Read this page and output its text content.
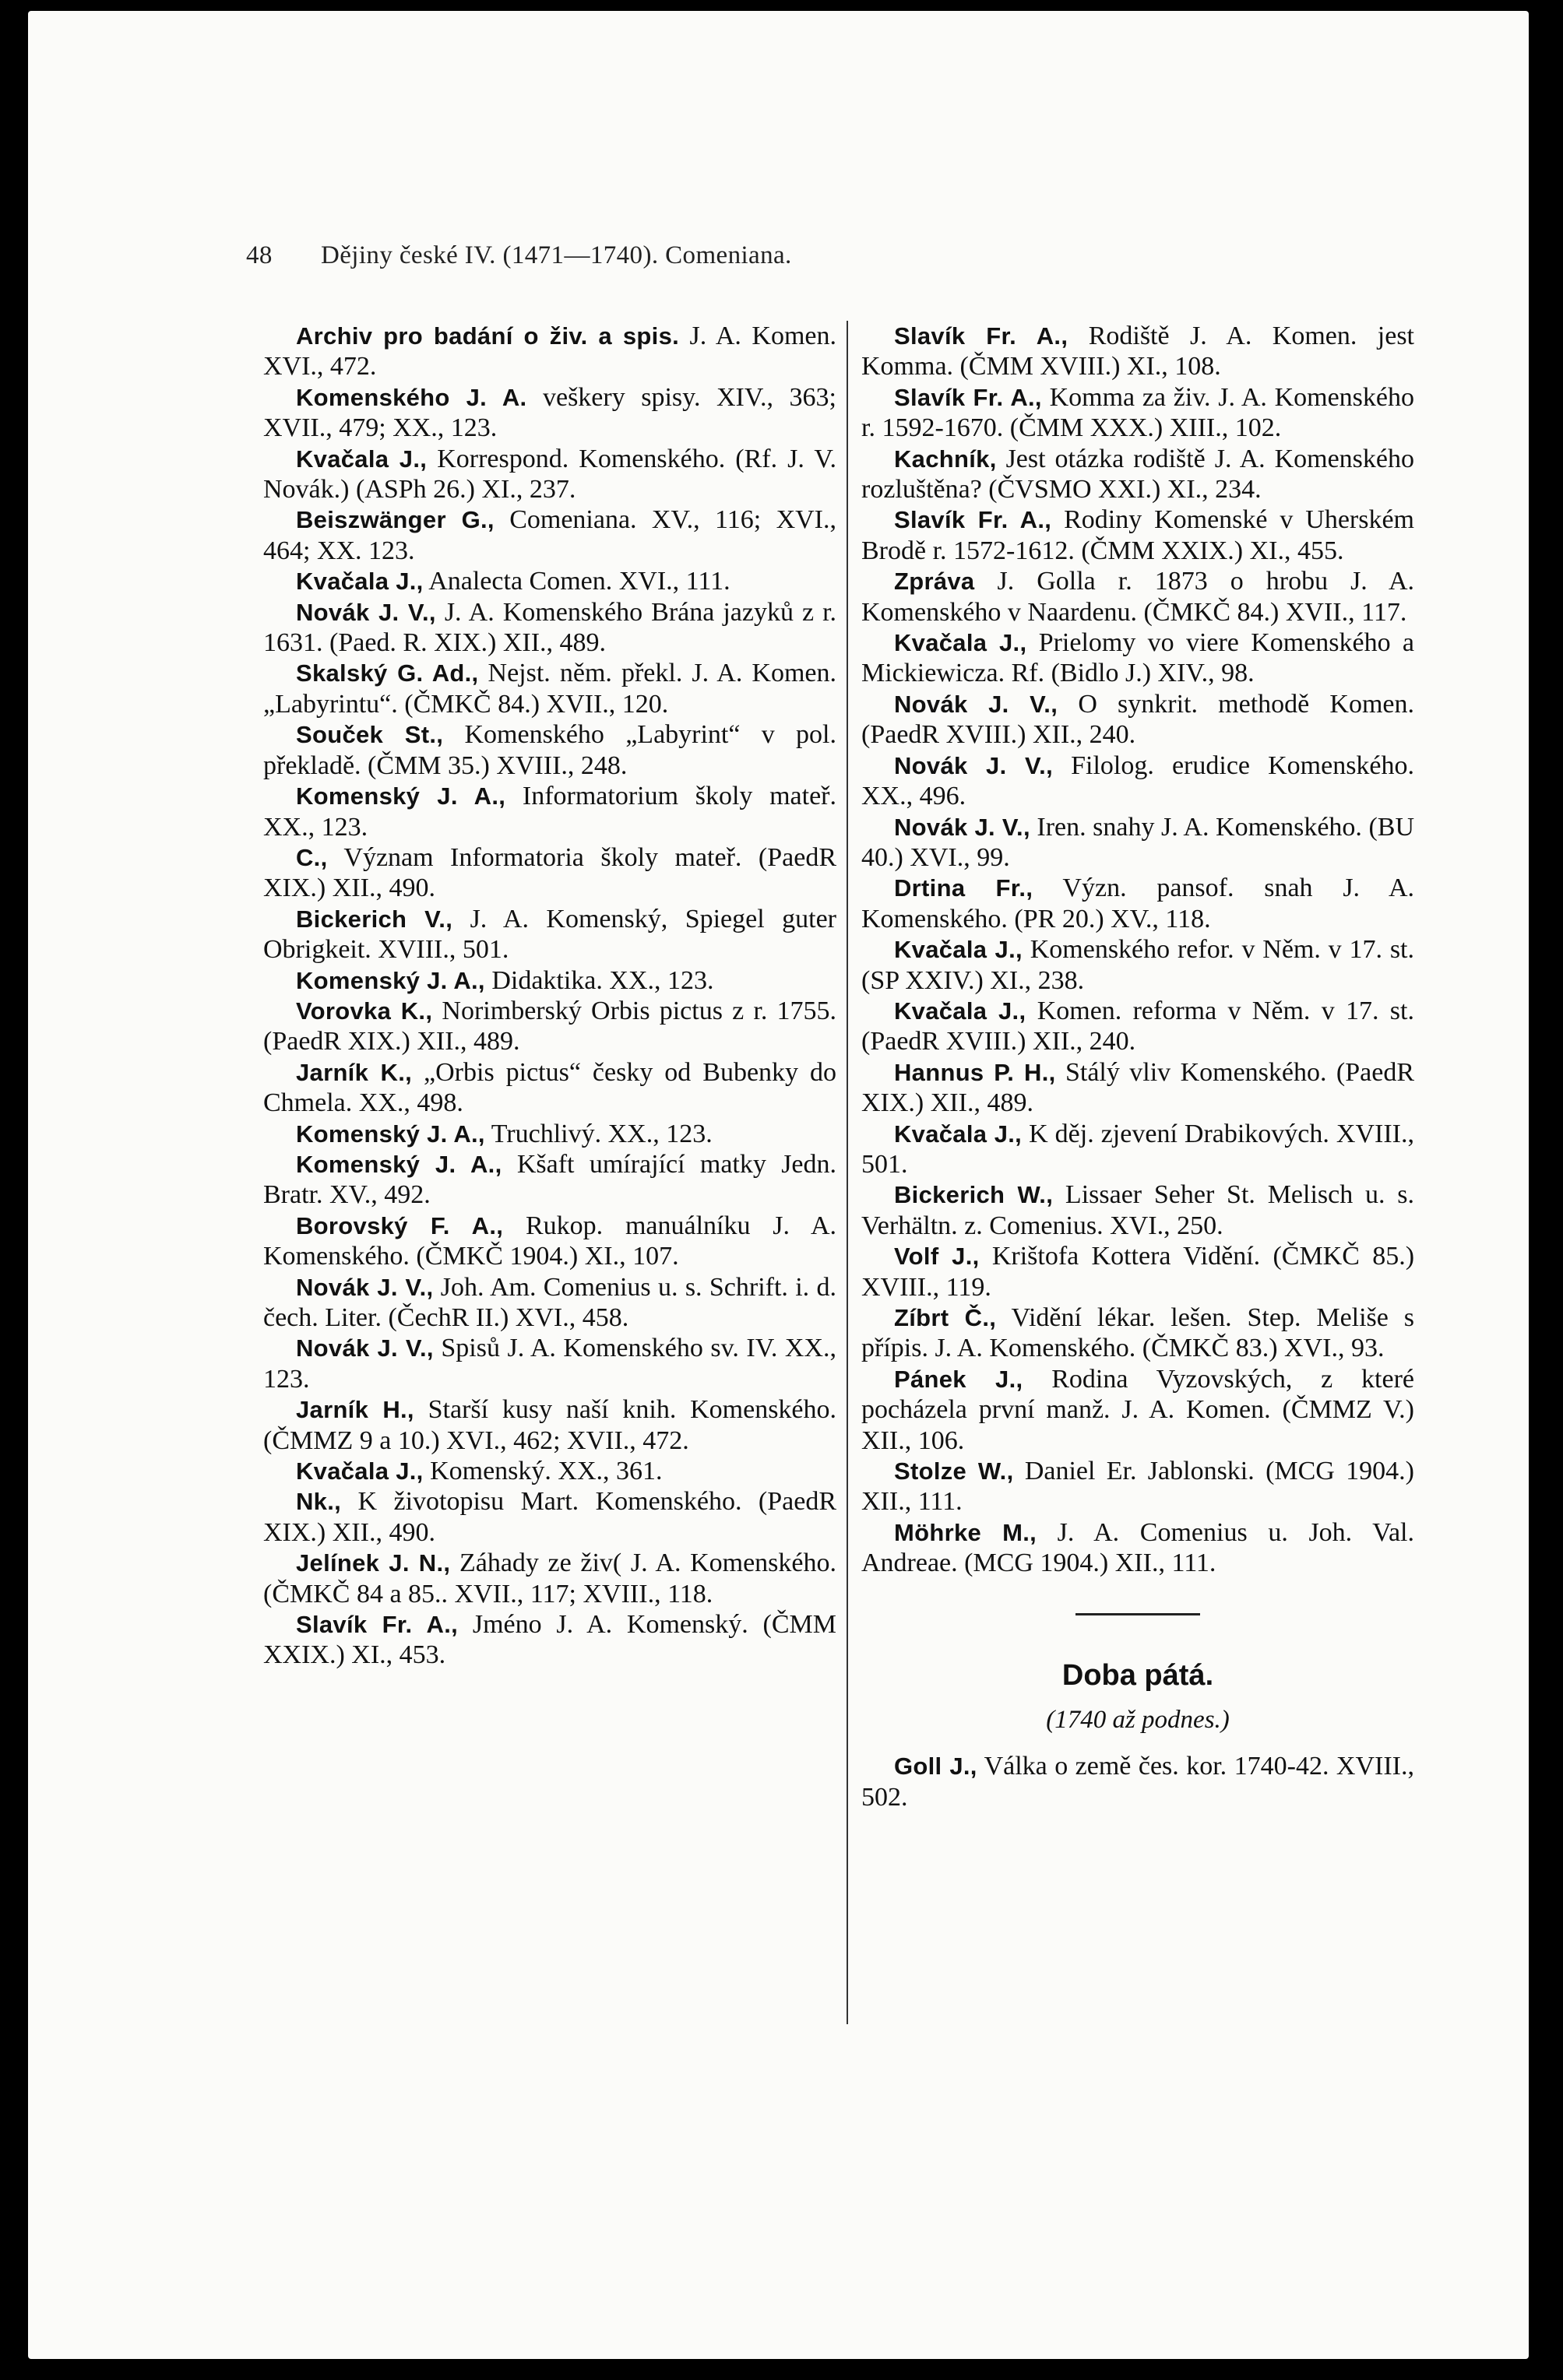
48 Dějiny české IV. (1471—1740). Comeniana.

Archiv pro badání o živ. a spis. J. A. Komen. XVI., 472.

Komenského J. A. veškery spisy. XIV., 363; XVII., 479; XX., 123.

Kvačala J., Korrespond. Komenského. (Rf. J. V. Novák.) (ASPh 26.) XI., 237.

Beiszwänger G., Comeniana. XV., 116; XVI., 464; XX. 123.

Kvačala J., Analecta Comen. XVI., 111.

Novák J. V., J. A. Komenského Brána jazyků z r. 1631. (Paed. R. XIX.) XII., 489.

Skalský G. Ad., Nejst. něm. překl. J. A. Komen. „Labyrintu“. (ČMKČ 84.) XVII., 120.

Souček St., Komenského „Labyrint“ v pol. překladě. (ČMM 35.) XVIII., 248.

Komenský J. A., Informatorium školy mateř. XX., 123.

C., Význam Informatoria školy mateř. (PaedR XIX.) XII., 490.

Bickerich V., J. A. Komenský, Spiegel guter Obrigkeit. XVIII., 501.

Komenský J. A., Didaktika. XX., 123.

Vorovka K., Norimberský Orbis pictus z r. 1755. (PaedR XIX.) XII., 489.

Jarník K., „Orbis pictus“ česky od Bubenky do Chmela. XX., 498.

Komenský J. A., Truchlivý. XX., 123.

Komenský J. A., Kšaft umírající matky Jedn. Bratr. XV., 492.

Borovský F. A., Rukop. manuálníku J. A. Komenského. (ČMKČ 1904.) XI., 107.

Novák J. V., Joh. Am. Comenius u. s. Schrift. i. d. čech. Liter. (ČechR II.) XVI., 458.

Novák J. V., Spisů J. A. Komenského sv. IV. XX., 123.

Jarník H., Starší kusy naší knih. Komenského. (ČMMZ 9 a 10.) XVI., 462; XVII., 472.

Kvačala J., Komenský. XX., 361.

Nk., K životopisu Mart. Komenského. (PaedR XIX.) XII., 490.

Jelínek J. N., Záhady ze živ( J. A. Komenského. (ČMKČ 84 a 85.. XVII., 117; XVIII., 118.

Slavík Fr. A., Jméno J. A. Komenský. (ČMM XXIX.) XI., 453.

Slavík Fr. A., Rodiště J. A. Komen. jest Komma. (ČMM XVIII.) XI., 108.

Slavík Fr. A., Komma za živ. J. A. Komenského r. 1592-1670. (ČMM XXX.) XIII., 102.

Kachník, Jest otázka rodiště J. A. Komenského rozluštěna? (ČVSMO XXI.) XI., 234.

Slavík Fr. A., Rodiny Komenské v Uherském Brodě r. 1572-1612. (ČMM XXIX.) XI., 455.

Zpráva J. Golla r. 1873 o hrobu J. A. Komenského v Naardenu. (ČMKČ 84.) XVII., 117.

Kvačala J., Prielomy vo viere Komenského a Mickiewicza. Rf. (Bidlo J.) XIV., 98.

Novák J. V., O synkrit. methodě Komen. (PaedR XVIII.) XII., 240.

Novák J. V., Filolog. erudice Komenského. XX., 496.

Novák J. V., Iren. snahy J. A. Komenského. (BU 40.) XVI., 99.

Drtina Fr., Význ. pansof. snah J. A. Komenského. (PR 20.) XV., 118.

Kvačala J., Komenského refor. v Něm. v 17. st. (SP XXIV.) XI., 238.

Kvačala J., Komen. reforma v Něm. v 17. st. (PaedR XVIII.) XII., 240.

Hannus P. H., Stálý vliv Komenského. (PaedR XIX.) XII., 489.

Kvačala J., K děj. zjevení Drabikových. XVIII., 501.

Bickerich W., Lissaer Seher St. Melisch u. s. Verhältn. z. Comenius. XVI., 250.

Volf J., Krištofa Kottera Vidění. (ČMKČ 85.) XVIII., 119.

Zíbrt Č., Vidění lékar. lešen. Step. Meliše s přípis. J. A. Komenského. (ČMKČ 83.) XVI., 93.

Pánek J., Rodina Vyzovských, z které pocházela první manž. J. A. Komen. (ČMMZ V.) XII., 106.

Stolze W., Daniel Er. Jablonski. (MCG 1904.) XII., 111.

Möhrke M., J. A. Comenius u. Joh. Val. Andreae. (MCG 1904.) XII., 111.

Doba pátá.
(1740 až podnes.)

Goll J., Válka o země čes. kor. 1740-42. XVIII., 502.
